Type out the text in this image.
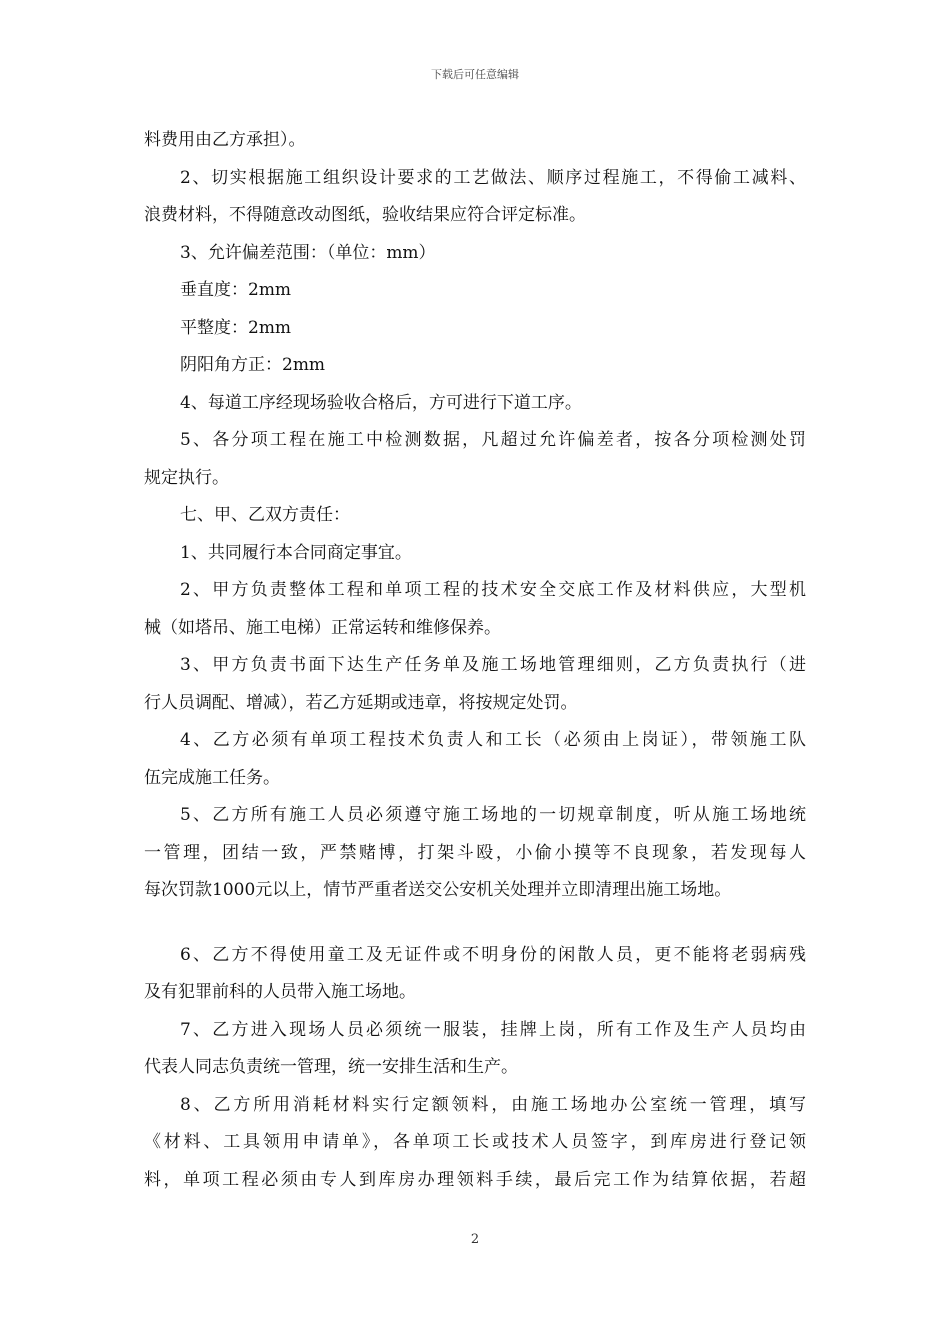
下载后可任意编辑
料费用由乙方承担）。
2、切实根据施工组织设计要求的工艺做法、顺序过程施工，不得偷工减料、
浪费材料，不得随意改动图纸，验收结果应符合评定标准。
3、允许偏差范围：（单位：mm）
垂直度：2mm
平整度：2mm
阴阳角方正：2mm
4、每道工序经现场验收合格后，方可进行下道工序。
5、各分项工程在施工中检测数据，凡超过允许偏差者，按各分项检测处罚
规定执行。
七、甲、乙双方责任：
1、共同履行本合同商定事宜。
2、甲方负责整体工程和单项工程的技术安全交底工作及材料供应，大型机
械（如塔吊、施工电梯）正常运转和维修保养。
3、甲方负责书面下达生产任务单及施工场地管理细则，乙方负责执行（进
行人员调配、增减），若乙方延期或违章，将按规定处罚。
4、乙方必须有单项工程技术负责人和工长（必须由上岗证），带领施工队
伍完成施工任务。
5、乙方所有施工人员必须遵守施工场地的一切规章制度，听从施工场地统
一管理，团结一致，严禁赌博，打架斗殴，小偷小摸等不良现象，若发现每人
每次罚款1000元以上，情节严重者送交公安机关处理并立即清理出施工场地。
6、乙方不得使用童工及无证件或不明身份的闲散人员，更不能将老弱病残
及有犯罪前科的人员带入施工场地。
7、乙方进入现场人员必须统一服装，挂牌上岗，所有工作及生产人员均由
代表人同志负责统一管理，统一安排生活和生产。
8、乙方所用消耗材料实行定额领料，由施工场地办公室统一管理，填写
《材料、工具领用申请单》，各单项工长或技术人员签字，到库房进行登记领
料，单项工程必须由专人到库房办理领料手续，最后完工作为结算依据，若超
2
